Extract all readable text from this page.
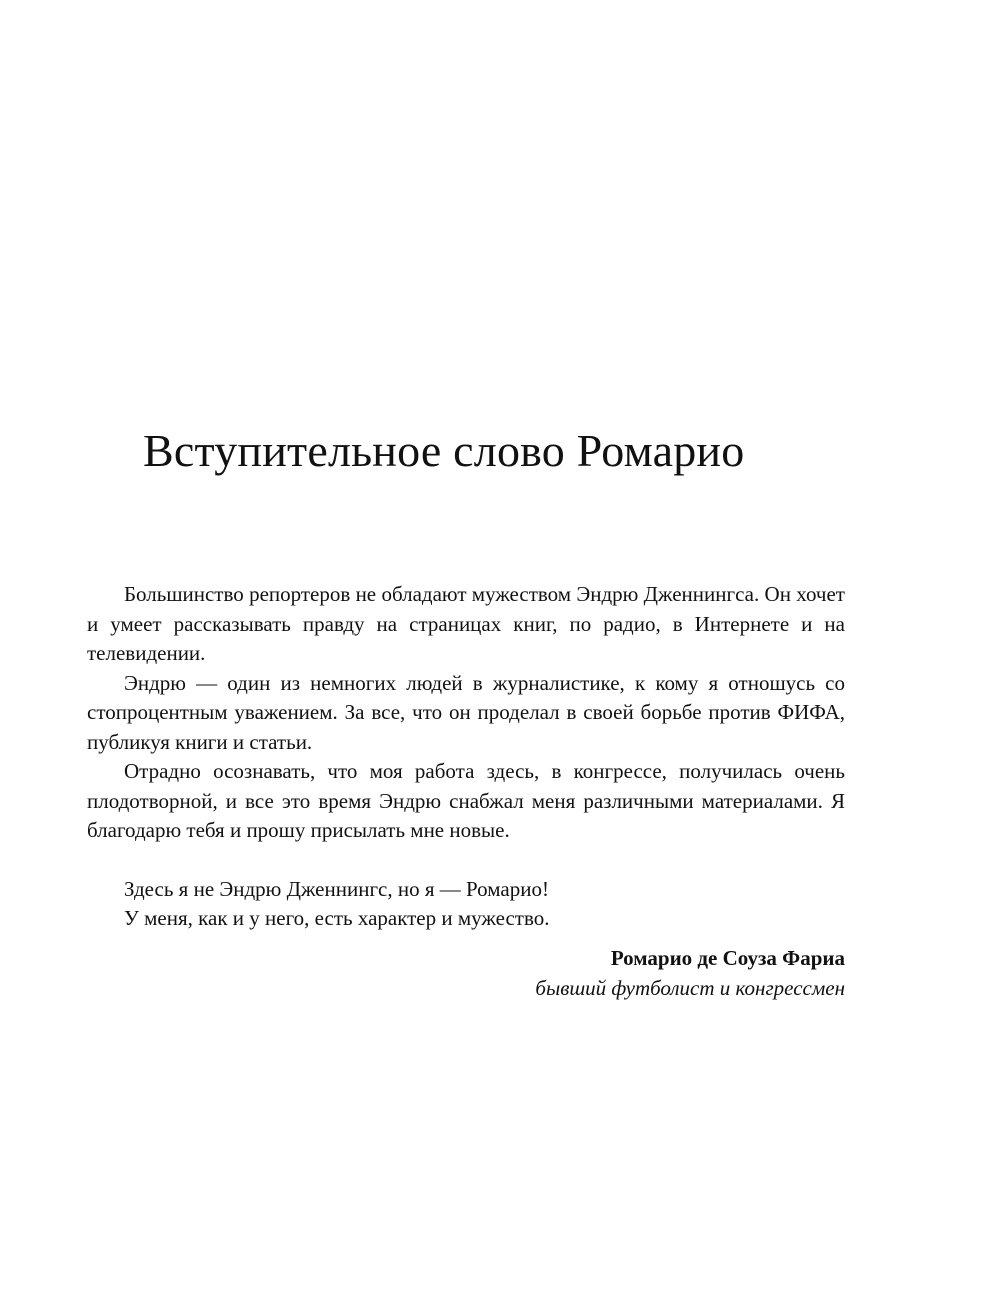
Вступительное слово Ромарио

Большинство репортеров не обладают мужеством Эндрю Дженнингса. Он хочет и умеет рассказывать правду на страницах книг, по радио, в Интернете и на телевидении.

Эндрю — один из немногих людей в журналистике, к кому я отношусь со стопроцентным уважением. За все, что он проделал в своей борьбе против ФИФА, публикуя книги и статьи.

Отрадно осознавать, что моя работа здесь, в конгрессе, получилась очень плодотворной, и все это время Эндрю снабжал меня различными материалами. Я благодарю тебя и прошу присылать мне новые.

Здесь я не Эндрю Дженнингс, но я — Ромарио!

У меня, как и у него, есть характер и мужество.

Ромарио де Соуза Фариа
бывший футболист и конгрессмен
